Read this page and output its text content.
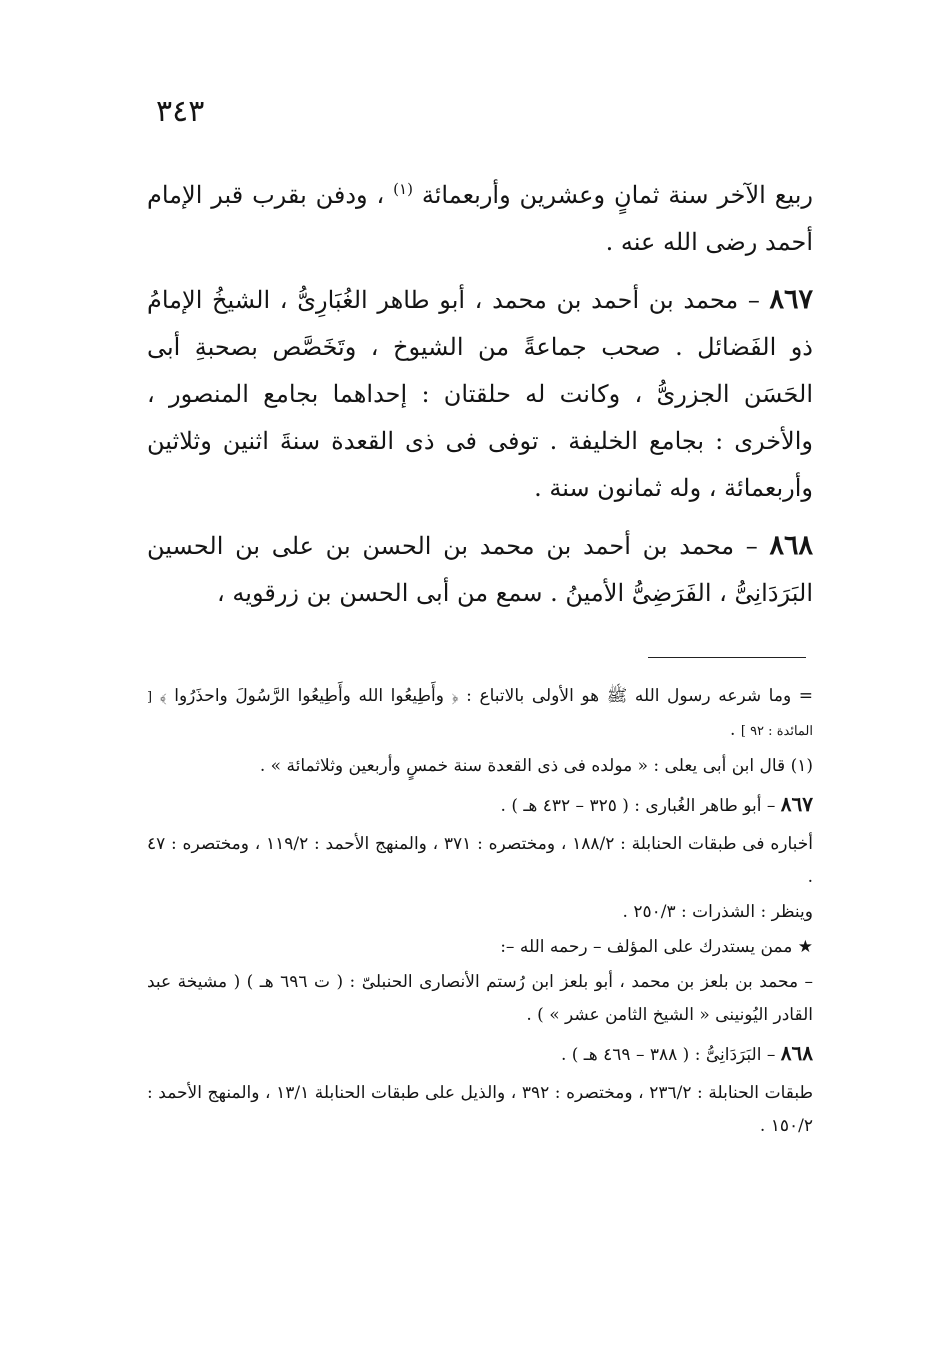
٣٤٣

ربيع الآخر سنة ثمانٍ وعشرين وأربعمائة $^{(١)}$ ، ودفن بقرب قبر الإمام أحمد رضى الله عنه .

٨٦٧ – محمد بن أحمد بن محمد ، أبو طاهر الغُبَارِىُّ ، الشيخُ الإمامُ ذو الفَضائل . صحب جماعةً من الشيوخ ، وتَخَصَّص بصحبةِ أبى الحَسَن الجزرىُّ ، وكانت له حلقتان : إحداهما بجامع المنصور ، والأخرى : بجامع الخليفة . توفى فى ذى القعدة سنةَ اثنين وثلاثين وأربعمائة ، وله ثمانون سنة .

٨٦٨ – محمد بن أحمد بن محمد بن الحسن بن على بن الحسين البَرَدَانِىُّ ، الفَرَضِىُّ الأمينُ . سمع من أبى الحسن بن زرقويه ،

= وما شرعه رسول الله ﷺ هو الأولى بالاتباع : ﴿ وأَطِيعُوا الله وأَطِيعُوا الرَّسُولَ واحذَرُوا ﴾ [ المائدة : ٩٢ ] .

(١) قال ابن أبى يعلى : « مولده فى ذى القعدة سنة خمسٍ وأربعين وثلاثمائة » .

٨٦٧ – أبو طاهر الغُبارى : ( ٣٢٥ – ٤٣٢ هـ ) .

أخباره فى طبقات الحنابلة : ١٨٨/٢ ، ومختصره : ٣٧١ ، والمنهج الأحمد : ١١٩/٢ ، ومختصره : ٤٧ .

وينظر : الشذرات : ٢٥٠/٣ .

★ ممن يستدرك على المؤلف – رحمه الله –:

– محمد بن بلعز بن محمد ، أبو بلعز ابن رُستم الأنصارى الحنبلىّ : ( ت ٦٩٦ هـ ) ( مشيخة عبد القادر اليُونينى « الشيخ الثامن عشر » ) .

٨٦٨ – البَرَدَانِىُّ : ( ٣٨٨ – ٤٦٩ هـ ) .

طبقات الحنابلة : ٢٣٦/٢ ، ومختصره : ٣٩٢ ، والذيل على طبقات الحنابلة ١٣/١ ، والمنهج الأحمد : ١٥٠/٢ .
